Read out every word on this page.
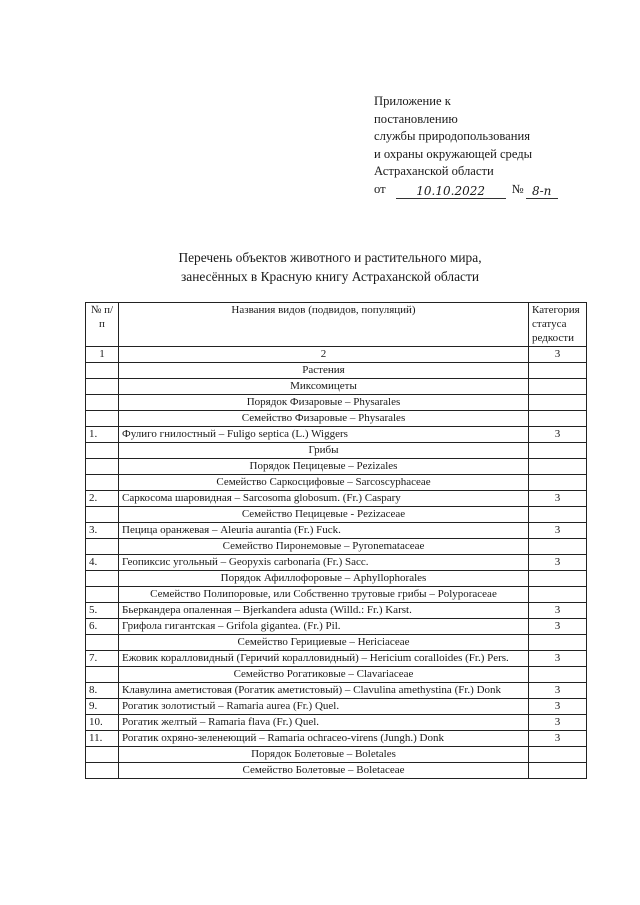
Приложение к
постановлению
службы природопользования
и охраны окружающей среды
Астраханской области
от	10.10.2022	№ 8-п
Перечень объектов животного и растительного мира,
занесённых в Красную книгу Астраханской области
№ п/п	Названия видов (подвидов, популяций)	Категория статуса редкости
1	2	3
	Растения	
	Миксомицеты	
	Порядок Физаровые – Physarales	
	Семейство Физаровые – Physarales	
1.	Фулиго гнилостный – Fuligo septica (L.) Wiggers	3
	Грибы	
	Порядок Пецицевые – Pezizales	
	Семейство Саркосцифовые – Sarcoscyphaceae	
2.	Саркосома шаровидная – Sarcosoma globosum. (Fr.) Caspary	3
	Семейство Пецицевые - Pezizaceae	
3.	Пецица оранжевая – Aleuria aurantia (Fr.) Fuck.	3
	Семейство Пиронемовые – Pyronemataceae	
4.	Геопиксис угольный – Geopyxis carbonaria (Fr.) Sacc.	3
	Порядок Афиллофоровые – Aphyllophorales	
	Семейство Полипоровые, или Собственно трутовые грибы – Polyporaceae	
5.	Бьеркандера опаленная – Bjerkandera adusta (Willd.: Fr.) Karst.	3
6.	Грифола гигантская – Grifola gigantea. (Fr.) Pil.	3
	Семейство Герициевые – Hericiaceae	
7.	Ежовик коралловидный (Геричий коралловидный) – Hericium coralloides (Fr.) Pers.	3
	Семейство Рогатиковые – Clavariaceae	
8.	Клавулина аметистовая (Рогатик аметистовый) – Clavulina amethystina (Fr.) Donk	3
9.	Рогатик золотистый – Ramaria aurea (Fr.) Quel.	3
10.	Рогатик желтый – Ramaria flava (Fr.) Quel.	3
11.	Рогатик охряно-зеленеющий – Ramaria ochraceo-virens (Jungh.) Donk	3
	Порядок Болетовые – Boletales	
	Семейство Болетовые – Boletaceae	
